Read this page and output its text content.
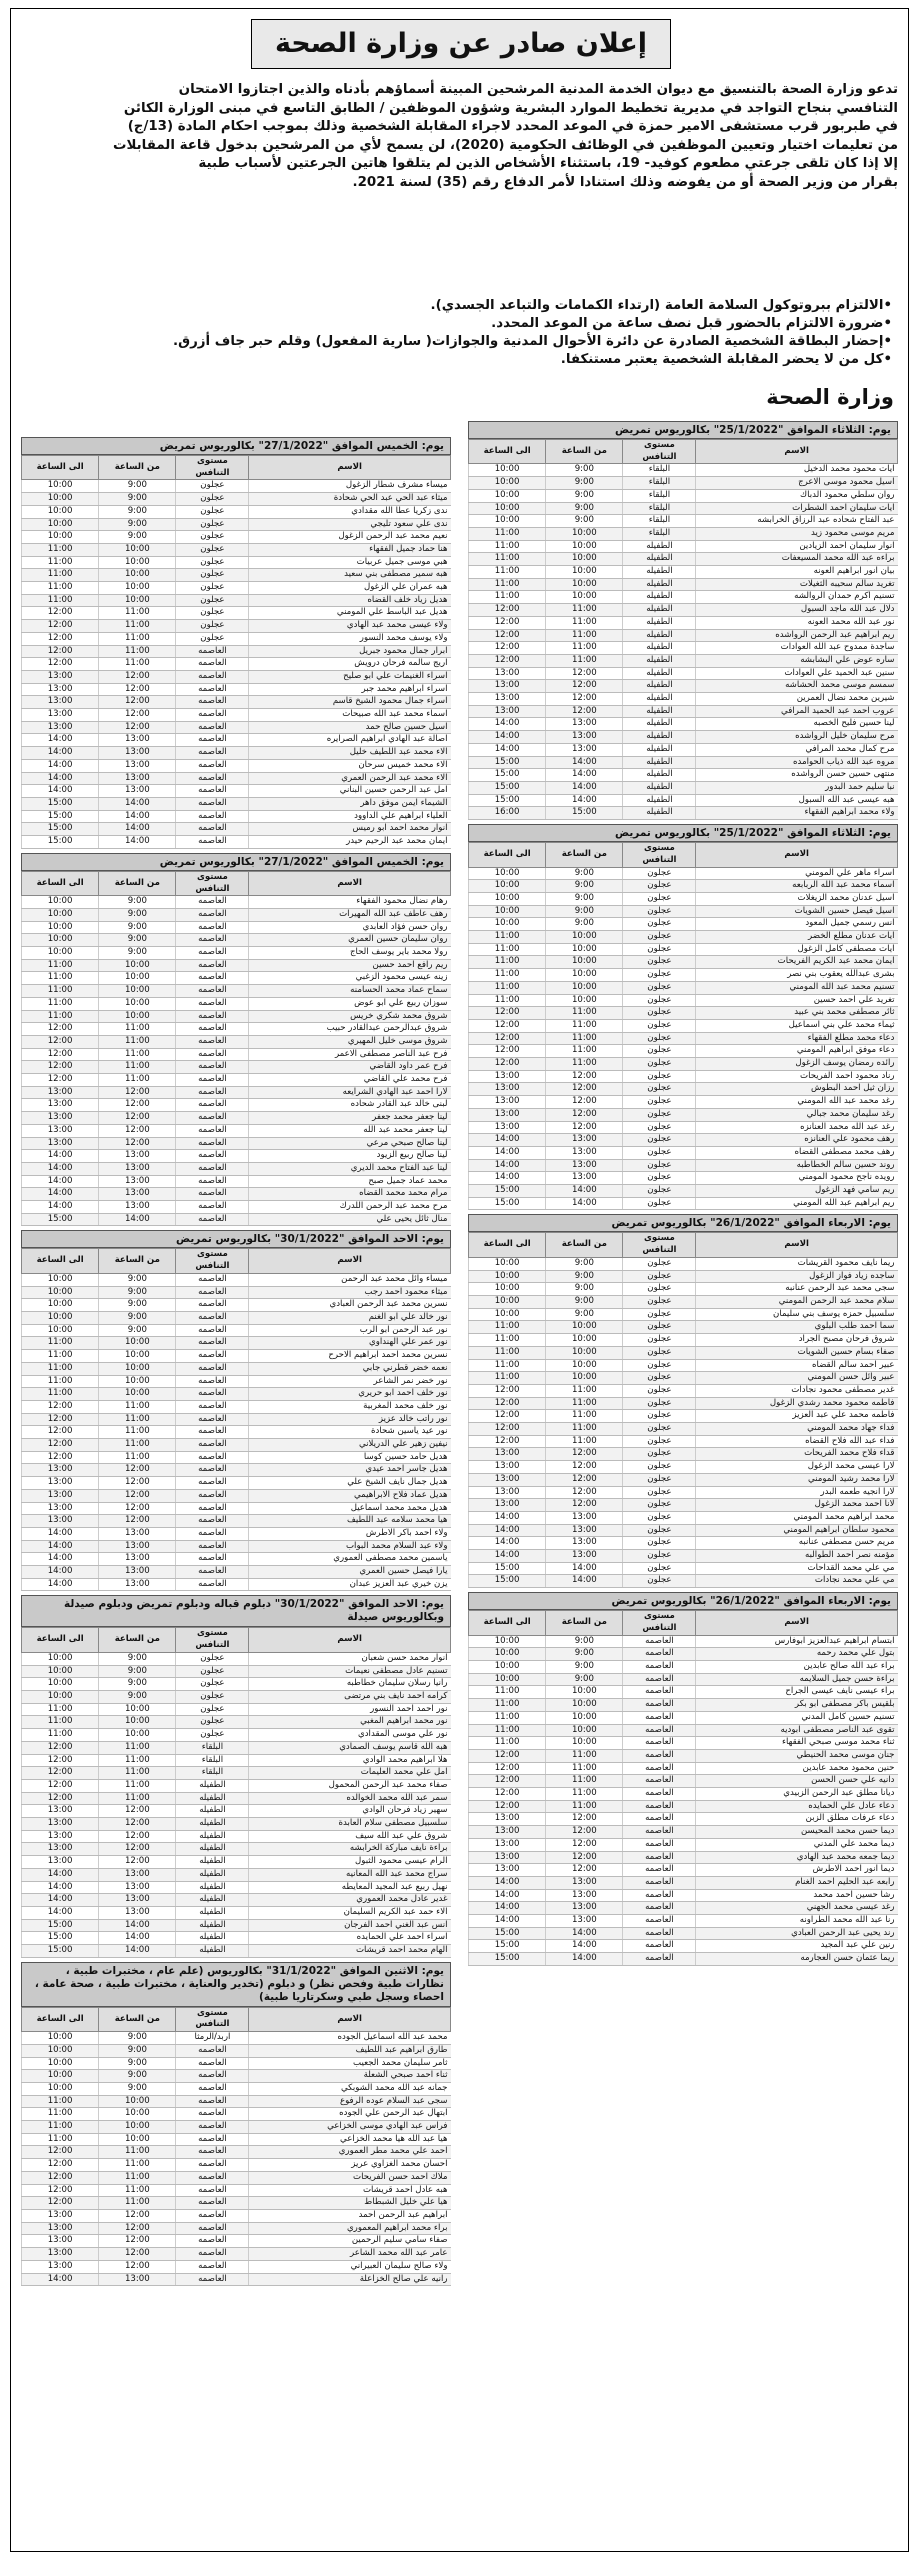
إعلان صادر عن وزارة الصحة

تدعو وزارة الصحة بالتنسيق مع ديوان الخدمة المدنية المرشحين المبينة أسماؤهم بأدناه والذين اجتازوا الامتحان

التنافسي بنجاح التواجد في مديرية تخطيط الموارد البشرية وشؤون الموظفين / الطابق التاسع في مبنى الوزارة الكائن

في طبربور قرب مستشفى الامير حمزة في الموعد المحدد لاجراء المقابلة الشخصية وذلك بموجب احكام المادة (13/ج)

من تعليمات اختيار وتعيين الموظفين في الوظائف الحكومية (2020)، لن يسمح لأي من المرشحين بدخول قاعة المقابلات

إلا إذا كان تلقى جرعتي مطعوم كوفيد- 19، باستثناء الأشخاص الذين لم يتلقوا هاتين الجرعتين لأسباب طبية

بقرار من وزير الصحة أو من يفوضه وذلك استنادا لأمر الدفاع رقم (35) لسنة 2021.

• الالتزام ببروتوكول السلامة العامة (ارتداء الكمامات والتباعد الجسدي).
• ضرورة الالتزام بالحضور قبل نصف ساعة من الموعد المحدد.
• إحضار البطاقة الشخصية الصادرة عن دائرة الأحوال المدنية والجوازات( سارية المفعول) وقلم حبر جاف أزرق.
• كل من لا يحضر المقابلة الشخصية يعتبر مستنكفا.
وزارة الصحة
يوم: الثلاثاء الموافق "25/1/2022" بكالوريوس تمريض
الاسم	مستوى التنافس	من الساعة	الى الساعة
ايات محمود محمد الدخيل	البلقاء	9:00	10:00
اسيل محمود موسى الاعرج	البلقاء	9:00	10:00
روان سلطي محمود الدباك	البلقاء	9:00	10:00
ايات سليمان احمد الشطرات	البلقاء	9:00	10:00
عبد الفتاح شحاده عبد الرزاق الخرابشه	البلقاء	9:00	10:00
مريم موسى محمود زيد	البلقاء	10:00	11:00
انوار سليمان احمد الزيادين	الطفيله	10:00	11:00
براءه عبد الله محمد المسيعفات	الطفيله	10:00	11:00
بيان انور ابراهيم العونه	الطفيله	10:00	11:00
تغريد سالم سحيبه الثغيلات	الطفيله	10:00	11:00
تسنيم اكرم حمدان الروالشه	الطفيله	10:00	11:00
دلال عبد الله ماجد السبول	الطفيله	11:00	12:00
نور عبد الله محمد العونه	الطفيله	11:00	12:00
ريم ابراهيم عبد الرحمن الرواشده	الطفيله	11:00	12:00
ساجدة ممدوح عبد الله العوادات	الطفيله	11:00	12:00
ساره عوض علي البشابشه	الطفيله	11:00	12:00
سنين عبد الحميد علي العوادات	الطفيله	12:00	13:00
سمسم موسى محمد الحشاشه	الطفيله	12:00	13:00
شيرين محمد نضال العمرين	الطفيله	12:00	13:00
عروب احمد عبد الحميد المرافي	الطفيله	12:00	13:00
لينا حسين فليح الخصبه	الطفيله	13:00	14:00
مرح سليمان خليل الرواشده	الطفيله	13:00	14:00
مرح كمال محمد المرافي	الطفيله	13:00	14:00
مروه عبد الله ذياب الحوامده	الطفيله	14:00	15:00
منتهى حسين حسن الرواشده	الطفيله	14:00	15:00
نبا سليم حمد البدور	الطفيله	14:00	15:00
هبه عيسى عبد الله السبول	الطفيله	14:00	15:00
ولاء محمد ابراهيم الفقهاء	الطفيله	15:00	16:00
يوم: الثلاثاء الموافق "25/1/2022" بكالوريوس تمريض
الاسم	مستوى التنافس	من الساعة	الى الساعة
اسراء ماهر علي المومني	عجلون	9:00	10:00
اسماء محمد عبد الله الربابعه	عجلون	9:00	10:00
اسيل عدنان محمد الزيغلات	عجلون	9:00	10:00
اسيل فيصل حسين الشويات	عجلون	9:00	10:00
انس رسمي جميل المعود	عجلون	9:00	10:00
ايات عدنان مطلع الخضر	عجلون	10:00	11:00
ايات مصطفى كامل الزغول	عجلون	10:00	11:00
ايمان محمد عبد الكريم الفريحات	عجلون	10:00	11:00
بشرى عبدالله يعقوب بني نصر	عجلون	10:00	11:00
تسنيم محمد عبد الله المومني	عجلون	10:00	11:00
تغريد علي احمد حسين	عجلون	10:00	11:00
ثائر مصطفى محمد بني عبيد	عجلون	11:00	12:00
ثيماء محمد علي بني اسماعيل	عجلون	11:00	12:00
دعاء محمد مطلع الفقهاء	عجلون	11:00	12:00
دعاء موفق ابراهيم المومني	عجلون	11:00	12:00
رائده رمضان يوسف الزغول	عجلون	11:00	12:00
رناد محمود احمد الفريحات	عجلون	12:00	13:00
رزان ثيل احمد البطوش	عجلون	12:00	13:00
رغد محمد عبد الله المومني	عجلون	12:00	13:00
رغد سليمان محمد جبالي	عجلون	12:00	13:00
رغد عبد الله محمد العنانزه	عجلون	12:00	13:00
رهف محمود علي العنانزه	عجلون	13:00	14:00
رهف محمد مصطفى القضاه	عجلون	13:00	14:00
روند حسين سالم الخطاطبه	عجلون	13:00	14:00
رويده ناجح محمود المومني	عجلون	13:00	14:00
ريم سامي فهد الزغول	عجلون	14:00	15:00
ريم ابراهيم عبد الله المومني	عجلون	14:00	15:00
يوم: الاربعاء الموافق "26/1/2022" بكالوريوس تمريض
الاسم	مستوى التنافس	من الساعة	الى الساعة
ريما نايف محمود القريشات	عجلون	9:00	10:00
ساجده زياد فواز الزغول	عجلون	9:00	10:00
سجى محمد عبد الرحمن عنانبه	عجلون	9:00	10:00
سلام محمد عبد الرحمن المومني	عجلون	9:00	10:00
سلسبيل حمزه يوسف بني سليمان	عجلون	9:00	10:00
سما احمد طلب البلوي	عجلون	10:00	11:00
شروق فرحان مصبح الجراد	عجلون	10:00	11:00
صفاء بسام حسين الشويات	عجلون	10:00	11:00
عبير احمد سالم القضاه	عجلون	10:00	11:00
عبير وائل حسن المومني	عجلون	10:00	11:00
غدير مصطفى محمود نجادات	عجلون	11:00	12:00
فاطمه محمود محمد رشدي الزغول	عجلون	11:00	12:00
فاطمه محمد علي عبد العزيز	عجلون	11:00	12:00
فداء جهاد محمد المومني	عجلون	11:00	12:00
فداء عبد الله فلاح القضاه	عجلون	11:00	12:00
قداء فلاح محمد الفريحات	عجلون	12:00	13:00
لارا عيسى محمد الزغول	عجلون	12:00	13:00
لارا محمد رشيد المومني	عجلون	12:00	13:00
لارا انجيه طعمه البدر	عجلون	12:00	13:00
لانا احمد محمد الزغول	عجلون	12:00	13:00
محمد ابراهيم محمد المومني	عجلون	13:00	14:00
محمود سلطان ابراهيم المومني	عجلون	13:00	14:00
مريم حسن مصطفى عنانبه	عجلون	13:00	14:00
مؤمنه نصر احمد الطوالبه	عجلون	13:00	14:00
مي علي محمد القداحات	عجلون	14:00	15:00
مي علي محمد نجادات	عجلون	14:00	15:00
يوم: الاربعاء الموافق "26/1/2022" بكالوريوس تمريض
الاسم	مستوى التنافس	من الساعة	الى الساعة
ابتسام ابراهيم عبدالعزيز ابوفارس	العاصمه	9:00	10:00
بتول علي محمد رحمه	العاصمه	9:00	10:00
براء عبد الله صالح عابدين	العاصمه	9:00	10:00
براءة حسن جميل السلايمه	العاصمه	9:00	10:00
براء عيسى نايف عيسى الجراح	العاصمه	10:00	11:00
بلقيس باكر مصطفى ابو بكر	العاصمه	10:00	11:00
تسنيم حسين كامل المدني	العاصمه	10:00	11:00
تقوى عبد الناصر مصطفى ابوديه	العاصمه	10:00	11:00
ثناء محمد موسى صبحي الفقهاء	العاصمه	10:00	11:00
جنان موسى محمد الحنيطي	العاصمه	11:00	12:00
حنين محمود محمد عابدين	العاصمه	11:00	12:00
دانيه علي حسن الحسن	العاصمه	11:00	12:00
ديانا مطلق عبد الرحمن الزبيدي	العاصمه	11:00	12:00
دعاء عادل علي الحمايده	العاصمه	11:00	12:00
دعاء عرفات مطلق الزبن	العاصمه	12:00	13:00
ديما حسن محمد المحيسن	العاصمه	12:00	13:00
ديما محمد علي المدني	العاصمه	12:00	13:00
ديما جمعه محمد عبد الهادي	العاصمه	12:00	13:00
ديما انور احمد الاطرش	العاصمه	12:00	13:00
رابعه عبد الحليم احمد الغنام	العاصمه	13:00	14:00
رشا حسين احمد محمد	العاصمه	13:00	14:00
رغد عيسى محمد الجهني	العاصمه	13:00	14:00
رنا عبد الله محمد الطراونه	العاصمه	13:00	14:00
رند يحيى عبد الرحمن العبادي	العاصمه	14:00	15:00
رنين علي عبد المجيد	العاصمه	14:00	15:00
ريما عثمان حسن العجارمه	العاصمه	14:00	15:00
يوم: الخميس الموافق "27/1/2022" بكالوريوس تمريض
الاسم	مستوى التنافس	من الساعة	الى الساعة
ميساء مشرف شطار الزغول	عجلون	9:00	10:00
ميثاء عبد الحي عبد الحي شحادة	عجلون	9:00	10:00
ندى زكريا عطا الله مقدادي	عجلون	9:00	10:00
ندى علي سعود تليجي	عجلون	9:00	10:00
نعيم محمد عبد الرحمن الزغول	عجلون	9:00	10:00
هنا حماد جميل الفقهاء	عجلون	10:00	11:00
هبي موسى جميل عربيات	عجلون	10:00	11:00
هبه سمير مصطفى بني سعيد	عجلون	10:00	11:00
هبه عمران علي الزغول	عجلون	10:00	11:00
هديل زياد خلف القضاه	عجلون	10:00	11:00
هديل عبد الباسط علي المومني	عجلون	11:00	12:00
ولاء عيسى محمد عبد الهادي	عجلون	11:00	12:00
ولاء يوسف محمد النسور	عجلون	11:00	12:00
ابرار جمال محمود جبريل	العاصمه	11:00	12:00
اريج سالمه فرحان درويش	العاصمه	11:00	12:00
اسراء الغنيمات علي ابو صليح	العاصمه	12:00	13:00
اسراء ابراهيم محمد جبر	العاصمه	12:00	13:00
اسراء جمال محمود الشيخ قاسم	العاصمه	12:00	13:00
اسماء محمد عبد الله صبيحات	العاصمه	12:00	13:00
اسيل حسين صالح حمد	العاصمه	12:00	13:00
اصالة عبد الهادي ابراهيم الصرايره	العاصمه	13:00	14:00
الاء محمد عبد اللطيف خليل	العاصمه	13:00	14:00
الاء محمد خميس سرحان	العاصمه	13:00	14:00
الاء محمد عبد الرحمن العمري	العاصمه	13:00	14:00
امل عبد الرحمن حسين البناني	العاصمه	13:00	14:00
الشيماء ايمن موفق داهر	العاصمه	14:00	15:00
العلياء ابراهيم علي الداوود	العاصمه	14:00	15:00
انوار محمد احمد ابو رميس	العاصمه	14:00	15:00
ايمان محمد عبد الرحيم حيدر	العاصمه	14:00	15:00
يوم: الخميس الموافق "27/1/2022" بكالوريوس تمريض
الاسم	مستوى التنافس	من الساعة	الى الساعة
رهام نضال محمود الفقهاء	العاصمه	9:00	10:00
رهف عاطف عبد الله المهيرات	العاصمه	9:00	10:00
روان حسن فؤاد العابدي	العاصمه	9:00	10:00
روان سليمان حسين العمري	العاصمه	9:00	10:00
رولا محمد باير يوسف الحاج	العاصمه	9:00	10:00
ريم رافع احمد حسين	العاصمه	10:00	11:00
زينه عيسى محمود الزغبي	العاصمه	10:00	11:00
سماح عماد محمد الحسامنه	العاصمه	10:00	11:00
سوزان ربيع علي ابو عوض	العاصمه	10:00	11:00
شروق محمد شكري خريس	العاصمه	10:00	11:00
شروق عبدالرحمن عبدالقادر حبيب	العاصمه	11:00	12:00
شروق موسى خليل المهيري	العاصمه	11:00	12:00
فرح عبد الناصر مصطفى الاعمر	العاصمه	11:00	12:00
فرح عمر داود القاضي	العاصمه	11:00	12:00
فرح محمد علي القاضي	العاصمه	11:00	12:00
لارا احمد عبد الهادي الشرايعه	العاصمه	12:00	13:00
لبنى خالد عبد القادر شحاده	العاصمه	12:00	13:00
لينا جعفر محمد جعفر	العاصمه	12:00	13:00
لينا جعفر محمد عبد الله	العاصمه	12:00	13:00
لينا صالح صبحي مرعي	العاصمه	12:00	13:00
لينا صالح ربيع الزيود	العاصمه	13:00	14:00
لينا عبد الفتاح محمد الديري	العاصمه	13:00	14:00
محمد عماد جميل صبح	العاصمه	13:00	14:00
مرام محمد محمد القضاه	العاصمه	13:00	14:00
مرح محمد عبد الرحمن اللدرك	العاصمه	13:00	14:00
منال ثائل يحيى علي	العاصمه	14:00	15:00
يوم: الاحد الموافق "30/1/2022" بكالوريوس تمريض
الاسم	مستوى التنافس	من الساعة	الى الساعة
ميساء وائل محمد عبد الرحمن	العاصمه	9:00	10:00
ميثاء محمود احمد رجب	العاصمه	9:00	10:00
نسرين محمد عبد الرحمن العبادي	العاصمه	9:00	10:00
نور خالد علي ابو الغنم	العاصمه	9:00	10:00
نور عبد الرحمن ابو الرب	العاصمه	9:00	10:00
نور عمر علي الهنداوي	العاصمه	10:00	11:00
نسرين محمد احمد ابراهيم الاحرح	العاصمه	10:00	11:00
نعمه خضر قطرني جابي	العاصمه	10:00	11:00
نور خضر نمر الشاعر	العاصمه	10:00	11:00
نور خلف احمد ابو حريري	العاصمه	10:00	11:00
نور خلف محمد المغربية	العاصمه	11:00	12:00
نور راتب خالد عزيز	العاصمه	11:00	12:00
نور عيد ياسين شحادة	العاصمه	11:00	12:00
نيفين زهير علي الدريلاني	العاصمه	11:00	12:00
هديل حامد حسين كوسا	العاصمه	11:00	12:00
هديل جاسر احمد عيدي	العاصمه	12:00	13:00
هديل جمال نايف الشيخ علي	العاصمه	12:00	13:00
هديل عماد فلاح الابراهيمي	العاصمه	12:00	13:00
هديل محمد محمد اسماعيل	العاصمه	12:00	13:00
هيا محمد سلامه عبد اللطيف	العاصمه	12:00	13:00
ولاء احمد باكر الاطرش	العاصمه	13:00	14:00
ولاء عبد السلام محمد البواب	العاصمه	13:00	14:00
ياسمين محمد مصطفى العموري	العاصمه	13:00	14:00
يارا فيصل حسين العمري	العاصمه	13:00	14:00
يزن خيري عبد العزيز عبدان	العاصمه	13:00	14:00
يوم: الاحد الموافق "30/1/2022" دبلوم قباله ودبلوم تمريض ودبلوم صيدلة وبكالوريوس صيدلة
الاسم	مستوى التنافس	من الساعة	الى الساعة
انوار محمد حسن شعبان	عجلون	9:00	10:00
تسنيم عادل مصطفى نعيمات	عجلون	9:00	10:00
رانيا رسلان سليمان خطاطبه	عجلون	9:00	10:00
كرامه احمد نايف بني مرتضى	عجلون	9:00	10:00
نور احمد احمد النسور	عجلون	10:00	11:00
نور محمد ابراهيم المغبي	عجلون	10:00	11:00
نور علي موسى المقدادي	عجلون	10:00	11:00
هبه الله قاسم يوسف الصمادي	البلقاء	11:00	12:00
هلا ابراهيم محمد الوادي	البلقاء	11:00	12:00
امل علي محمد العليمات	البلقاء	11:00	12:00
صفاء محمد عبد الرحمن المحمول	الطفيله	11:00	12:00
سمر عبد الله محمد الخوالده	الطفيله	11:00	12:00
سهير زياد فرحان الوادي	الطفيله	12:00	13:00
سلسبيل مصطفى سلام العابدة	الطفيله	12:00	13:00
شروق علي عبد الله سيف	الطفيله	12:00	13:00
براءة نايف مباركة الخرابشه	الطفيله	12:00	13:00
الرام عيسى محمود الثبول	الطفيله	12:00	13:00
سراج محمد عبد الله المعانيه	الطفيله	13:00	14:00
نهيل ربيع عبد المجيد المعايطه	الطفيله	13:00	14:00
غدير عادل محمد العموري	الطفيله	13:00	14:00
الاء حمد عبد الكريم السليمان	الطفيله	13:00	14:00
انس عبد الغني احمد الفرجان	الطفيله	14:00	15:00
اسراء احمد علي الحمايده	الطفيله	14:00	15:00
الهام محمد احمد قريشات	الطفيله	14:00	15:00
يوم: الاثنين الموافق "31/1/2022" بكالوريوس (علم عام ، مختبرات طبية ، نظارات طبية وفحص نظر) و دبلوم (تخدير والعناية ، مختبرات طبية ، صحة عامة ، احصاء وسجل طبي وسكرتاريا طبية)
الاسم	مستوى التنافس	من الساعة	الى الساعة
محمد عبد الله اسماعيل الجوده	اربد/الرمثا	9:00	10:00
طارق ابراهيم عبد اللطيف	العاصمه	9:00	10:00
ثامر سليمان محمد الجعيب	العاصمه	9:00	10:00
ثناء احمد صبحي الشعلة	العاصمه	9:00	10:00
جمانه عبد الله محمد الشوبكي	العاصمه	9:00	10:00
سجى عبد السلام عوده الرفوع	العاصمه	10:00	11:00
ابتهال عبد الرحمن علي الجوده	العاصمه	10:00	11:00
فراس عبد الهادي موسى الخزاعي	العاصمه	10:00	11:00
هيا عبد الله هيا محمد الخزاعي	العاصمه	10:00	11:00
احمد علي محمد مطر العموري	العاصمه	11:00	12:00
احسان محمد الغزاوي عريز	العاصمه	11:00	12:00
ملاك احمد حسن الفريحات	العاصمه	11:00	12:00
هبه عادل احمد قريشات	العاصمه	11:00	12:00
هيا علي خليل الشبطاط	العاصمه	11:00	12:00
ابراهيم عبد الرحمن احمد	العاصمه	12:00	13:00
براء محمد ابراهيم المعموري	العاصمه	12:00	13:00
صفاء سامي سليم الرحمين	العاصمه	12:00	13:00
عامر عبد الله محمد الشاعر	العاصمه	12:00	13:00
ولاء صالح سليمان العبيراني	العاصمه	12:00	13:00
رانيه علي صالح الخزاعلة	العاصمه	13:00	14:00
